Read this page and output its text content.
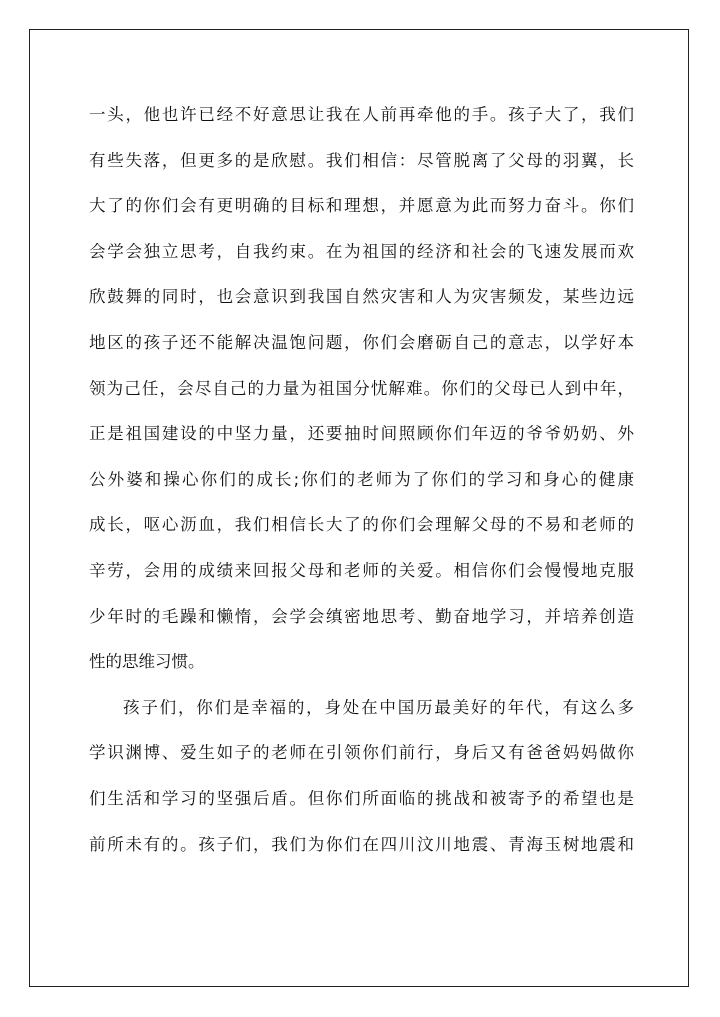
一头，他也许已经不好意思让我在人前再牵他的手。孩子大了，我们
有些失落，但更多的是欣慰。我们相信：尽管脱离了父母的羽翼，长
大了的你们会有更明确的目标和理想，并愿意为此而努力奋斗。你们
会学会独立思考，自我约束。在为祖国的经济和社会的飞速发展而欢
欣鼓舞的同时，也会意识到我国自然灾害和人为灾害频发，某些边远
地区的孩子还不能解决温饱问题，你们会磨砺自己的意志，以学好本
领为己任，会尽自己的力量为祖国分忧解难。你们的父母已人到中年，
正是祖国建设的中坚力量，还要抽时间照顾你们年迈的爷爷奶奶、外
公外婆和操心你们的成长;你们的老师为了你们的学习和身心的健康
成长，呕心沥血，我们相信长大了的你们会理解父母的不易和老师的
辛劳，会用的成绩来回报父母和老师的关爱。相信你们会慢慢地克服
少年时的毛躁和懒惰，会学会缜密地思考、勤奋地学习，并培养创造
性的思维习惯。
孩子们，你们是幸福的，身处在中国历最美好的年代，有这么多
学识渊博、爱生如子的老师在引领你们前行，身后又有爸爸妈妈做你
们生活和学习的坚强后盾。但你们所面临的挑战和被寄予的希望也是
前所未有的。孩子们，我们为你们在四川汶川地震、青海玉树地震和
